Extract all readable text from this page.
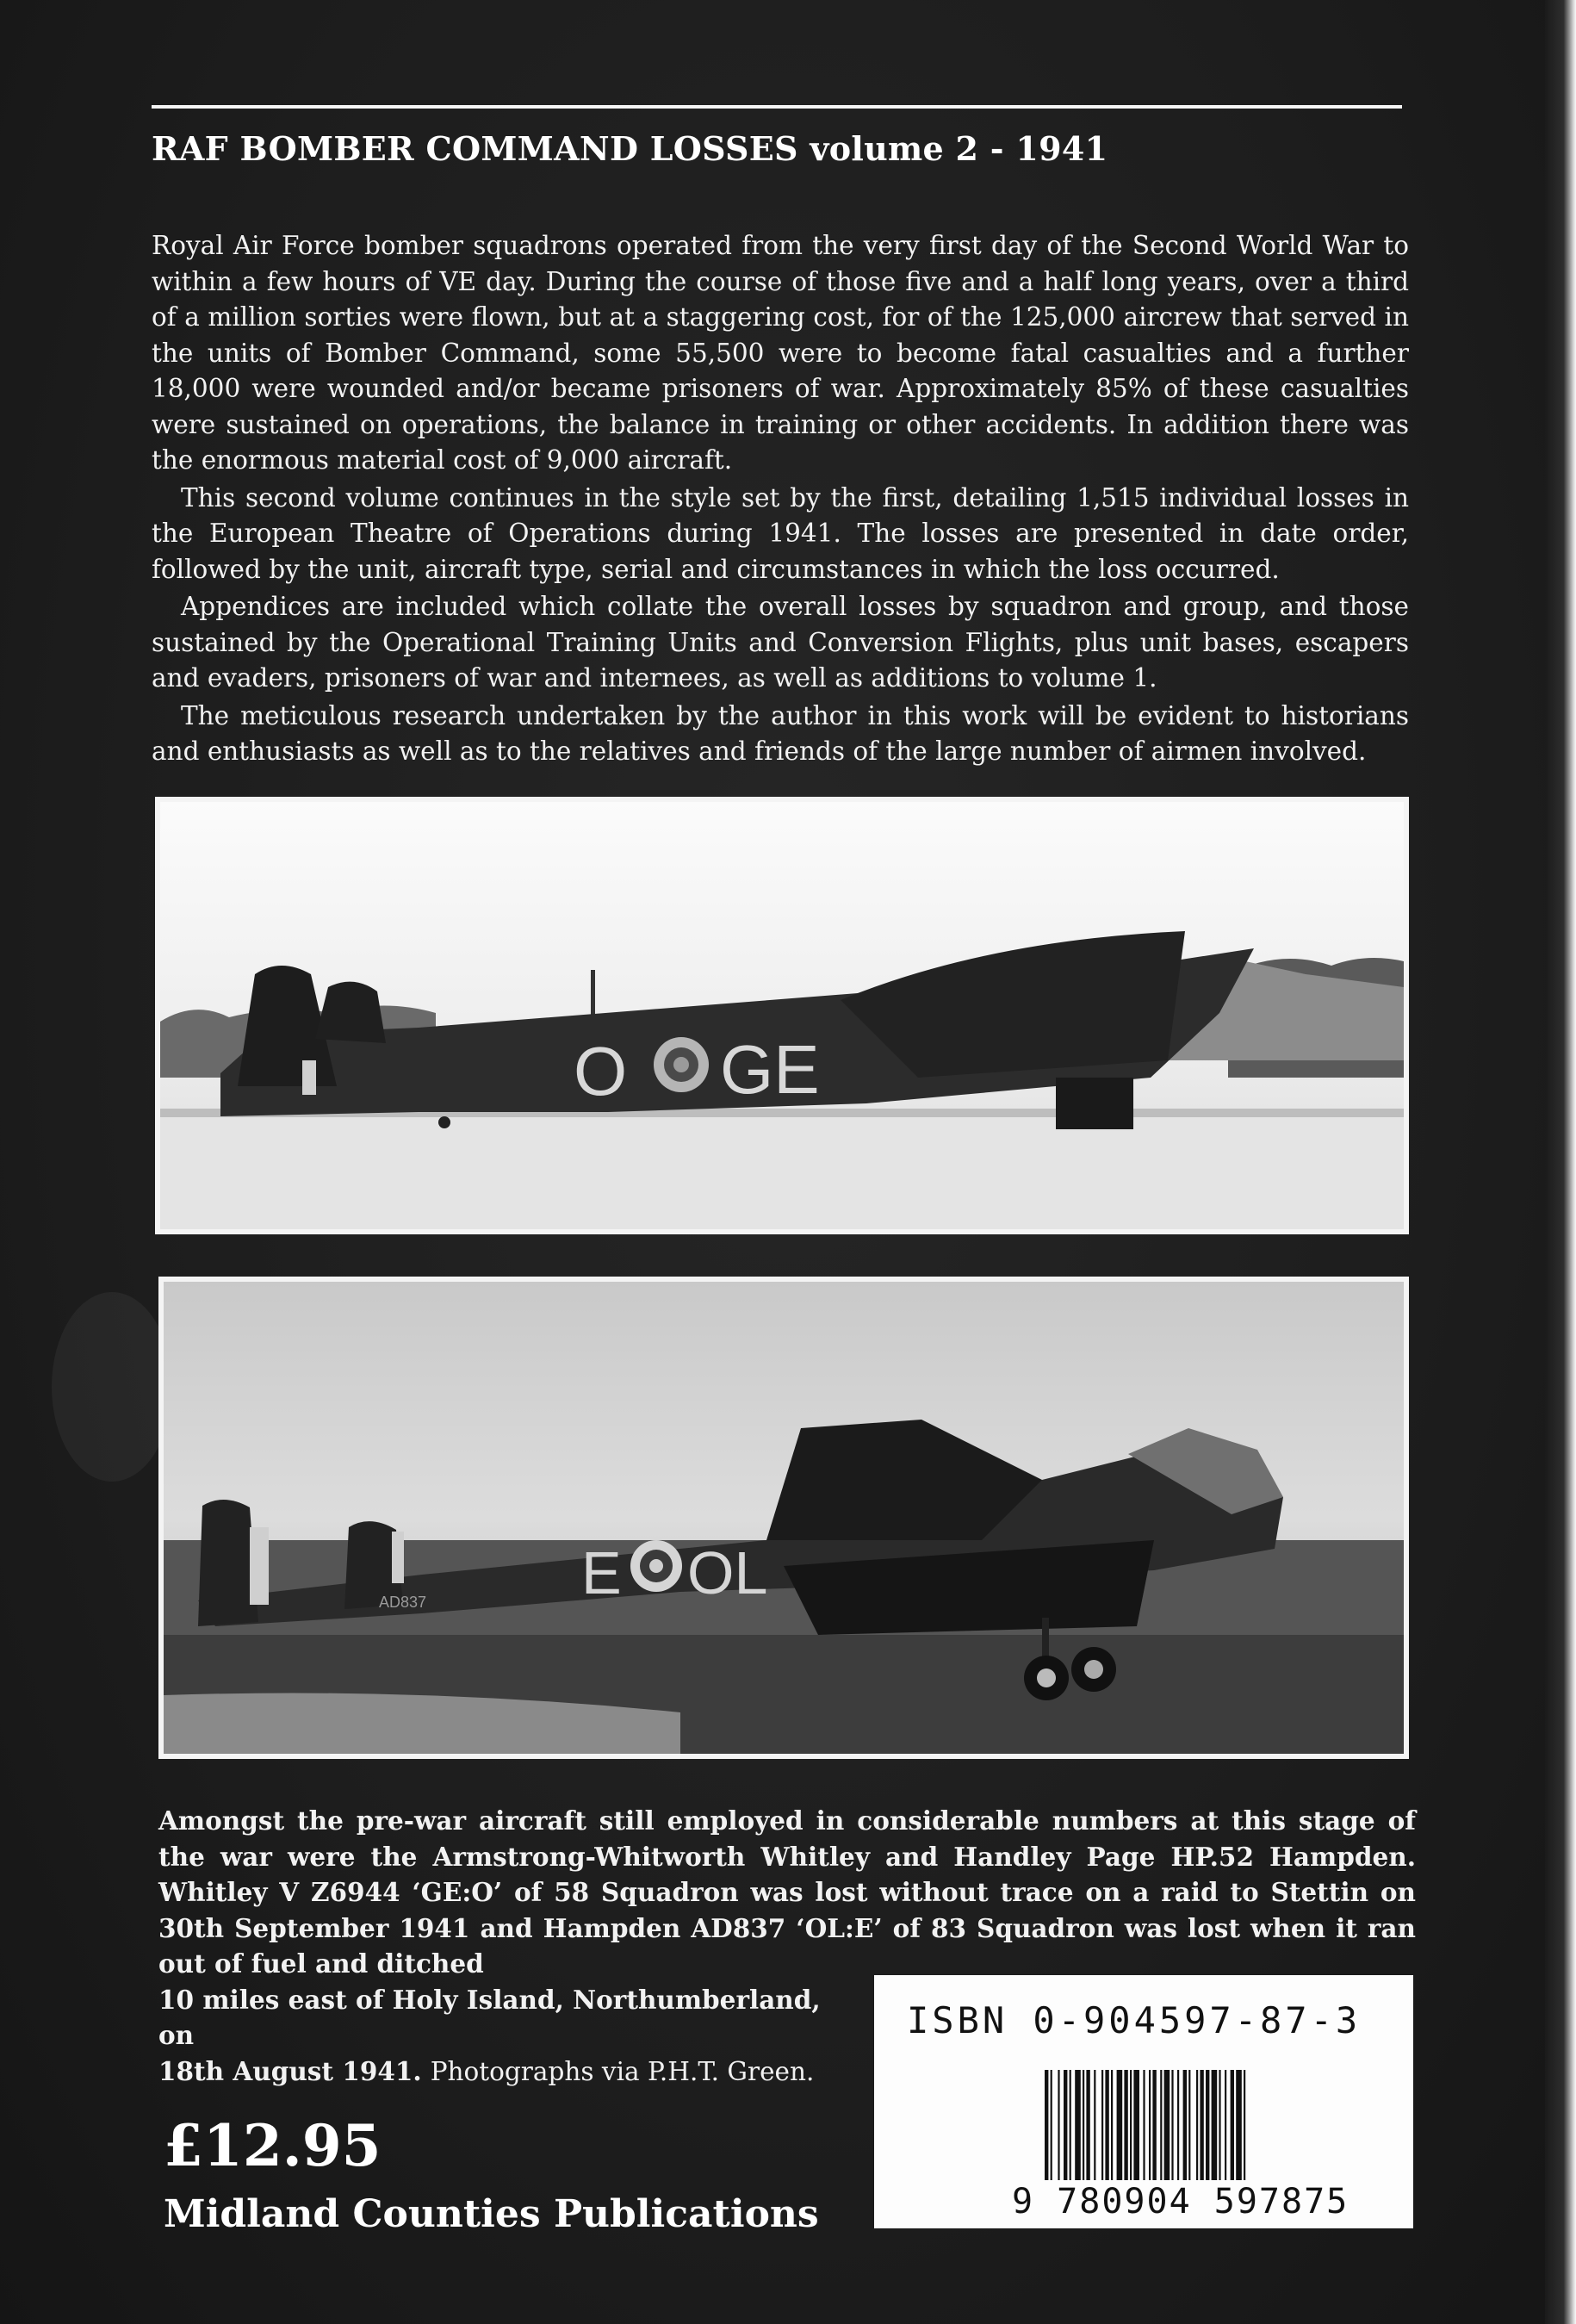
RAF BOMBER COMMAND LOSSES volume 2 - 1941

Royal Air Force bomber squadrons operated from the very first day of the Second World War to within a few hours of VE day. During the course of those five and a half long years, over a third of a million sorties were flown, but at a staggering cost, for of the 125,000 aircrew that served in the units of Bomber Command, some 55,500 were to become fatal casualties and a further 18,000 were wounded and/or became prisoners of war. Approximately 85% of these casualties were sustained on operations, the balance in training or other accidents. In addition there was the enormous material cost of 9,000 aircraft.

This second volume continues in the style set by the first, detailing 1,515 individual losses in the European Theatre of Operations during 1941. The losses are presented in date order, followed by the unit, aircraft type, serial and circumstances in which the loss occurred.

Appendices are included which collate the overall losses by squadron and group, and those sustained by the Operational Training Units and Conversion Flights, plus unit bases, escapers and evaders, prisoners of war and internees, as well as additions to volume 1.

The meticulous research undertaken by the author in this work will be evident to historians and enthusiasts as well as to the relatives and friends of the large number of airmen involved.

O GE
E OL
AD837
Amongst the pre-war aircraft still employed in considerable numbers at this stage of the war were the Armstrong-Whitworth Whitley and Handley Page HP.52 Hampden. Whitley V Z6944 ‘GE:O’ of 58 Squadron was lost without trace on a raid to Stettin on 30th September 1941 and Hampden AD837 ‘OL:E’ of 83 Squadron was lost when it ran out of fuel and ditched
10 miles east of Holy Island, Northumberland, on
18th August 1941. Photographs via P.H.T. Green.
ISBN 0-904597-87-3
9 780904 597875
£12.95
Midland Counties Publications
